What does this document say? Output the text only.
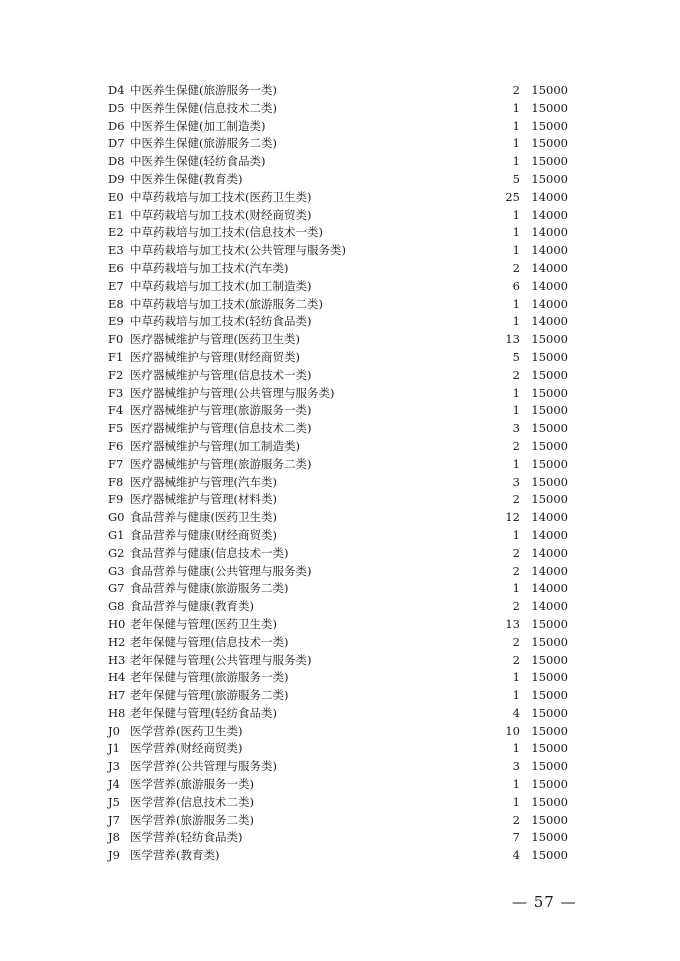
D4 中医养生保健(旅游服务一类)	2 15000
D5 中医养生保健(信息技术二类)	1 15000
D6 中医养生保健(加工制造类)	1 15000
D7 中医养生保健(旅游服务二类)	1 15000
D8 中医养生保健(轻纺食品类)	1 15000
D9 中医养生保健(教育类)	5 15000
E0 中草药栽培与加工技术(医药卫生类)	25 14000
E1 中草药栽培与加工技术(财经商贸类)	1 14000
E2 中草药栽培与加工技术(信息技术一类)	1 14000
E3 中草药栽培与加工技术(公共管理与服务类)	1 14000
E6 中草药栽培与加工技术(汽车类)	2 14000
E7 中草药栽培与加工技术(加工制造类)	6 14000
E8 中草药栽培与加工技术(旅游服务二类)	1 14000
E9 中草药栽培与加工技术(轻纺食品类)	1 14000
F0 医疗器械维护与管理(医药卫生类)	13 15000
F1 医疗器械维护与管理(财经商贸类)	5 15000
F2 医疗器械维护与管理(信息技术一类)	2 15000
F3 医疗器械维护与管理(公共管理与服务类)	1 15000
F4 医疗器械维护与管理(旅游服务一类)	1 15000
F5 医疗器械维护与管理(信息技术二类)	3 15000
F6 医疗器械维护与管理(加工制造类)	2 15000
F7 医疗器械维护与管理(旅游服务二类)	1 15000
F8 医疗器械维护与管理(汽车类)	3 15000
F9 医疗器械维护与管理(材料类)	2 15000
G0 食品营养与健康(医药卫生类)	12 14000
G1 食品营养与健康(财经商贸类)	1 14000
G2 食品营养与健康(信息技术一类)	2 14000
G3 食品营养与健康(公共管理与服务类)	2 14000
G7 食品营养与健康(旅游服务二类)	1 14000
G8 食品营养与健康(教育类)	2 14000
H0 老年保健与管理(医药卫生类)	13 15000
H2 老年保健与管理(信息技术一类)	2 15000
H3 老年保健与管理(公共管理与服务类)	2 15000
H4 老年保健与管理(旅游服务一类)	1 15000
H7 老年保健与管理(旅游服务二类)	1 15000
H8 老年保健与管理(轻纺食品类)	4 15000
J0 医学营养(医药卫生类)	10 15000
J1 医学营养(财经商贸类)	1 15000
J3 医学营养(公共管理与服务类)	3 15000
J4 医学营养(旅游服务一类)	1 15000
J5 医学营养(信息技术二类)	1 15000
J7 医学营养(旅游服务二类)	2 15000
J8 医学营养(轻纺食品类)	7 15000
J9 医学营养(教育类)	4 15000
— 57 —
